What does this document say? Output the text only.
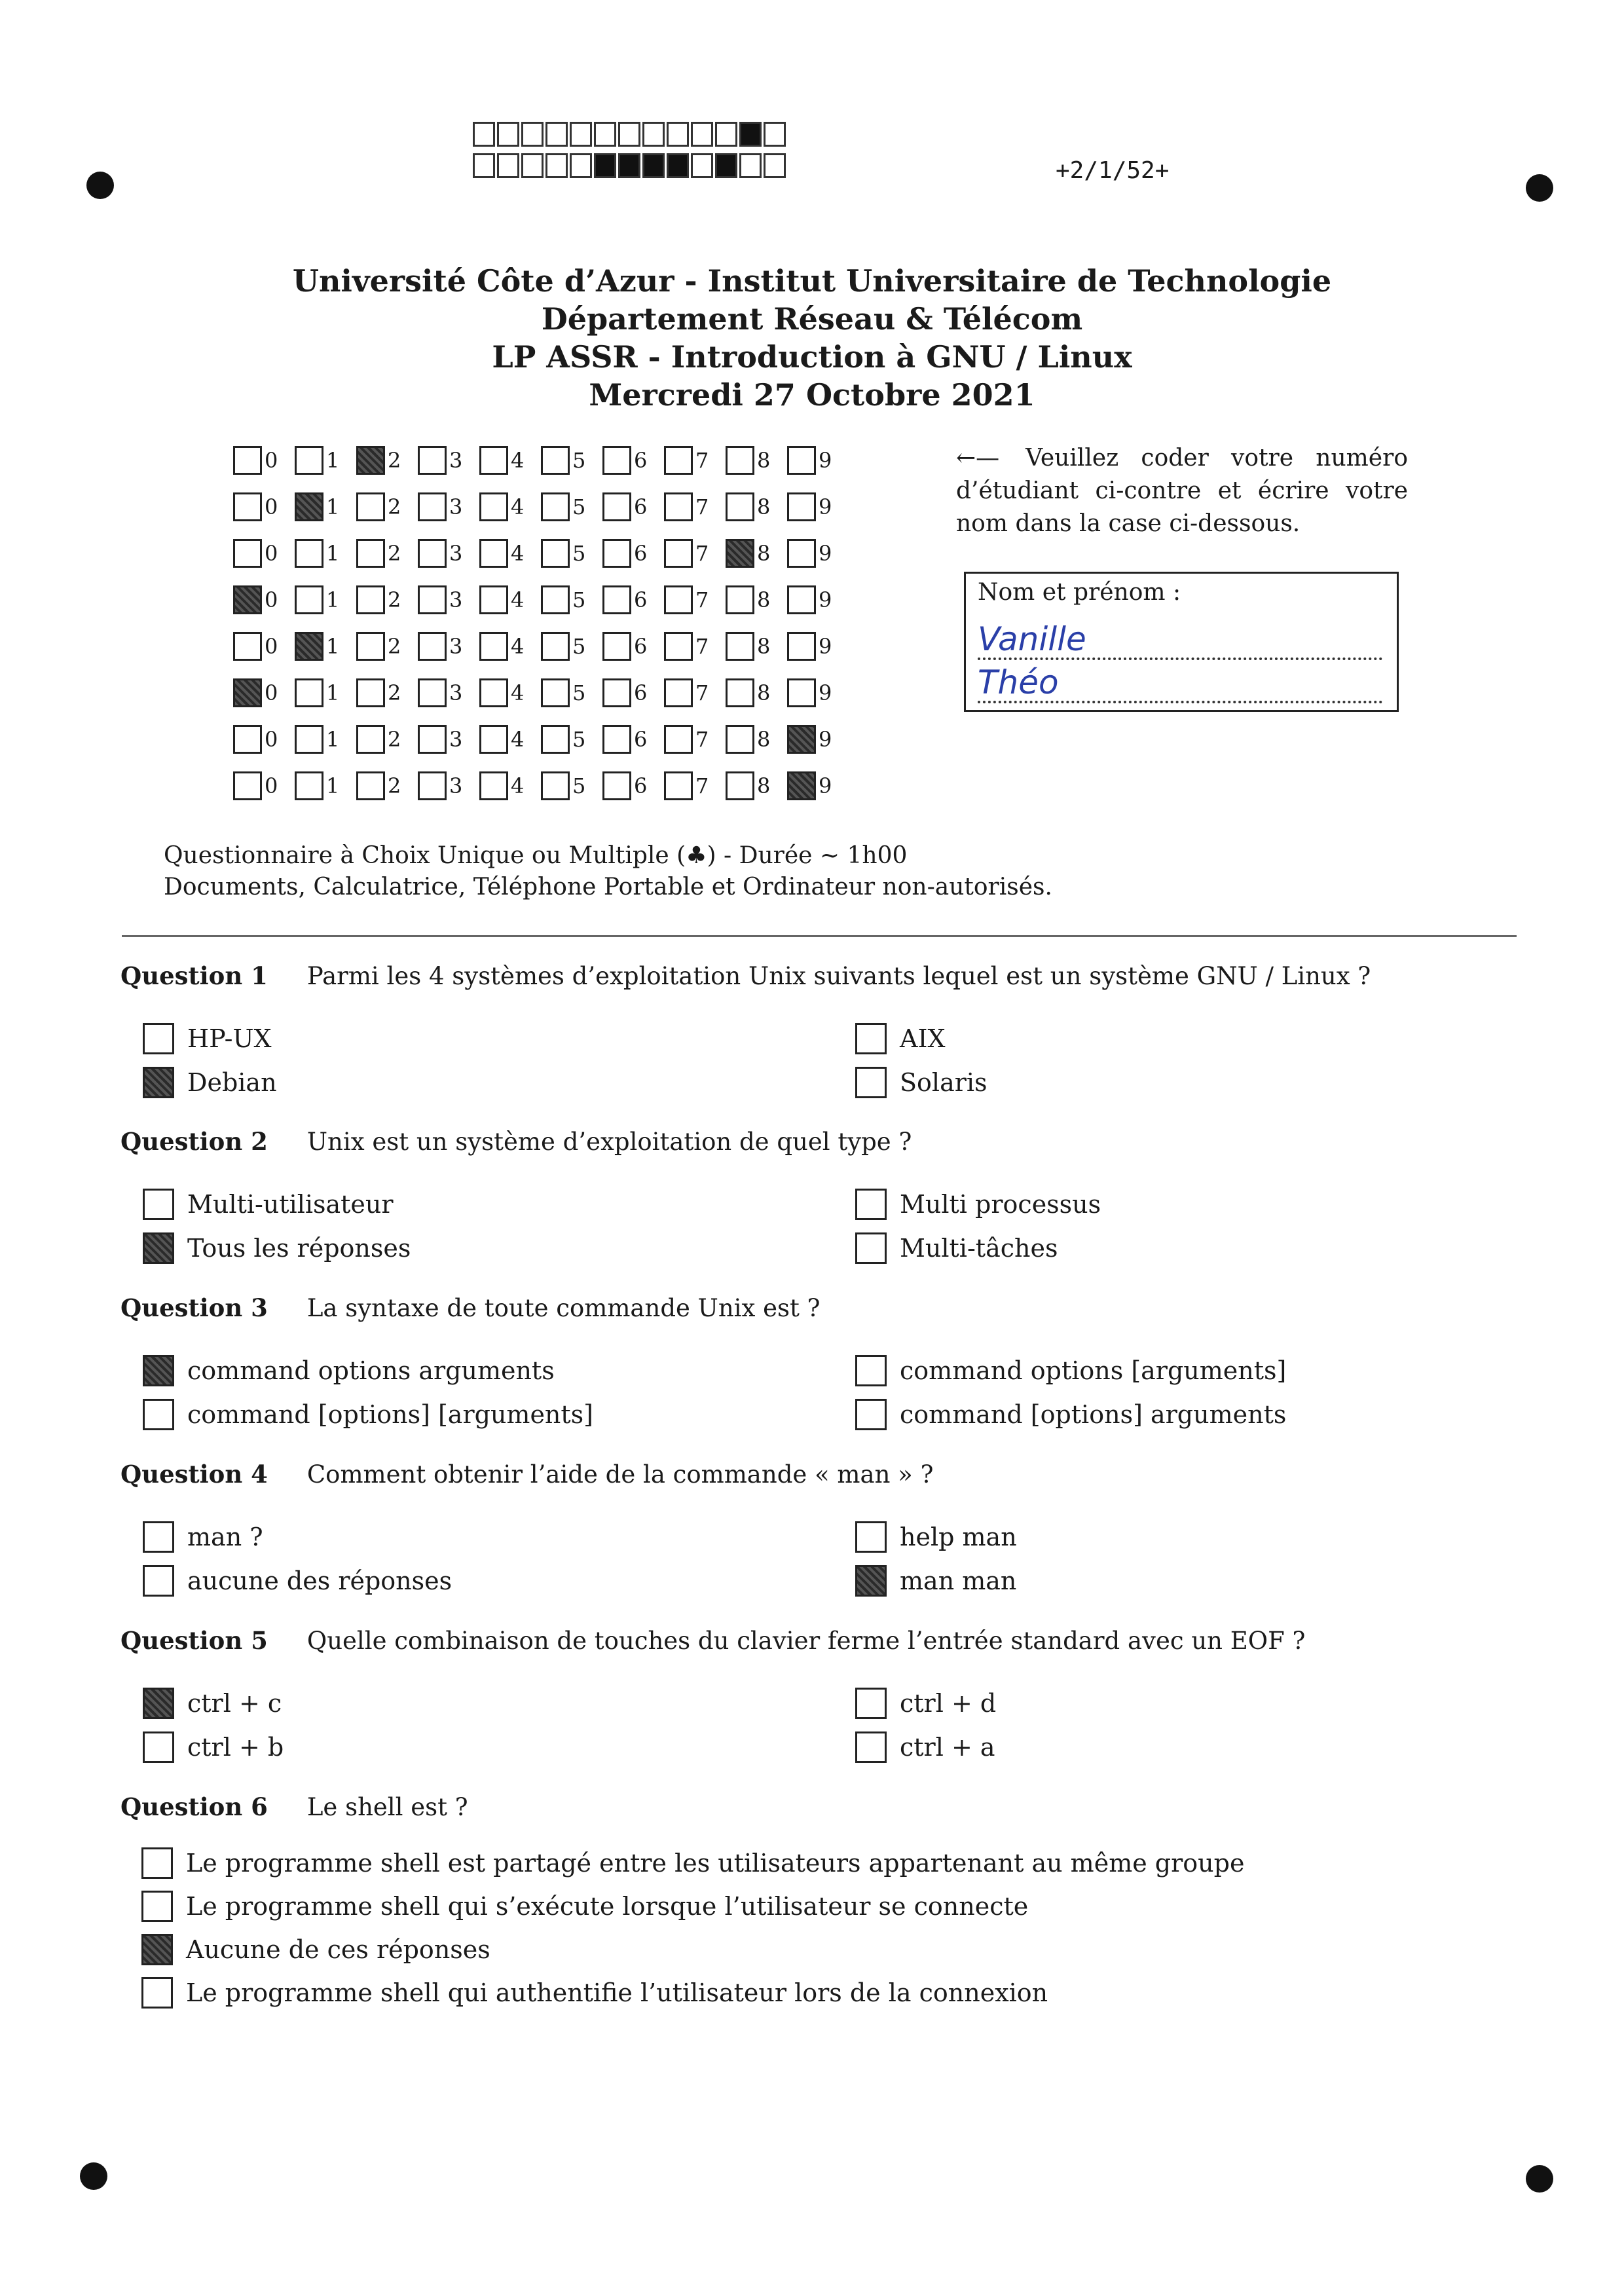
+2/1/52+
Université Côte d’Azur - Institut Universitaire de Technologie
Département Réseau & Télécom
LP ASSR - Introduction à GNU / Linux
Mercredi 27 Octobre 2021
0 1 2 3 4 5 6 7 8 9
0 1 2 3 4 5 6 7 8 9
0 1 2 3 4 5 6 7 8 9
0 1 2 3 4 5 6 7 8 9
0 1 2 3 4 5 6 7 8 9
0 1 2 3 4 5 6 7 8 9
0 1 2 3 4 5 6 7 8 9
0 1 2 3 4 5 6 7 8 9
←— Veuillez coder votre numéro d’étudiant ci-contre et écrire votre nom dans la case ci-dessous.
Nom et prénom :
Vanille
Théo
Questionnaire à Choix Unique ou Multiple (♣) - Durée ~ 1h00
Documents, Calculatrice, Téléphone Portable et Ordinateur non-autorisés.
Question 1 Parmi les 4 systèmes d’exploitation Unix suivants lequel est un système GNU / Linux ?
HP-UX	AIX
Debian	Solaris
Question 2 Unix est un système d’exploitation de quel type ?
Multi-utilisateur	Multi processus
Tous les réponses	Multi-tâches
Question 3 La syntaxe de toute commande Unix est ?
command options arguments	command options [arguments]
command [options] [arguments]	command [options] arguments
Question 4 Comment obtenir l’aide de la commande « man » ?
man ?	help man
aucune des réponses	man man
Question 5 Quelle combinaison de touches du clavier ferme l’entrée standard avec un EOF ?
ctrl + c	ctrl + d
ctrl + b	ctrl + a
Question 6 Le shell est ?
Le programme shell est partagé entre les utilisateurs appartenant au même groupe
Le programme shell qui s’exécute lorsque l’utilisateur se connecte
Aucune de ces réponses
Le programme shell qui authentifie l’utilisateur lors de la connexion
